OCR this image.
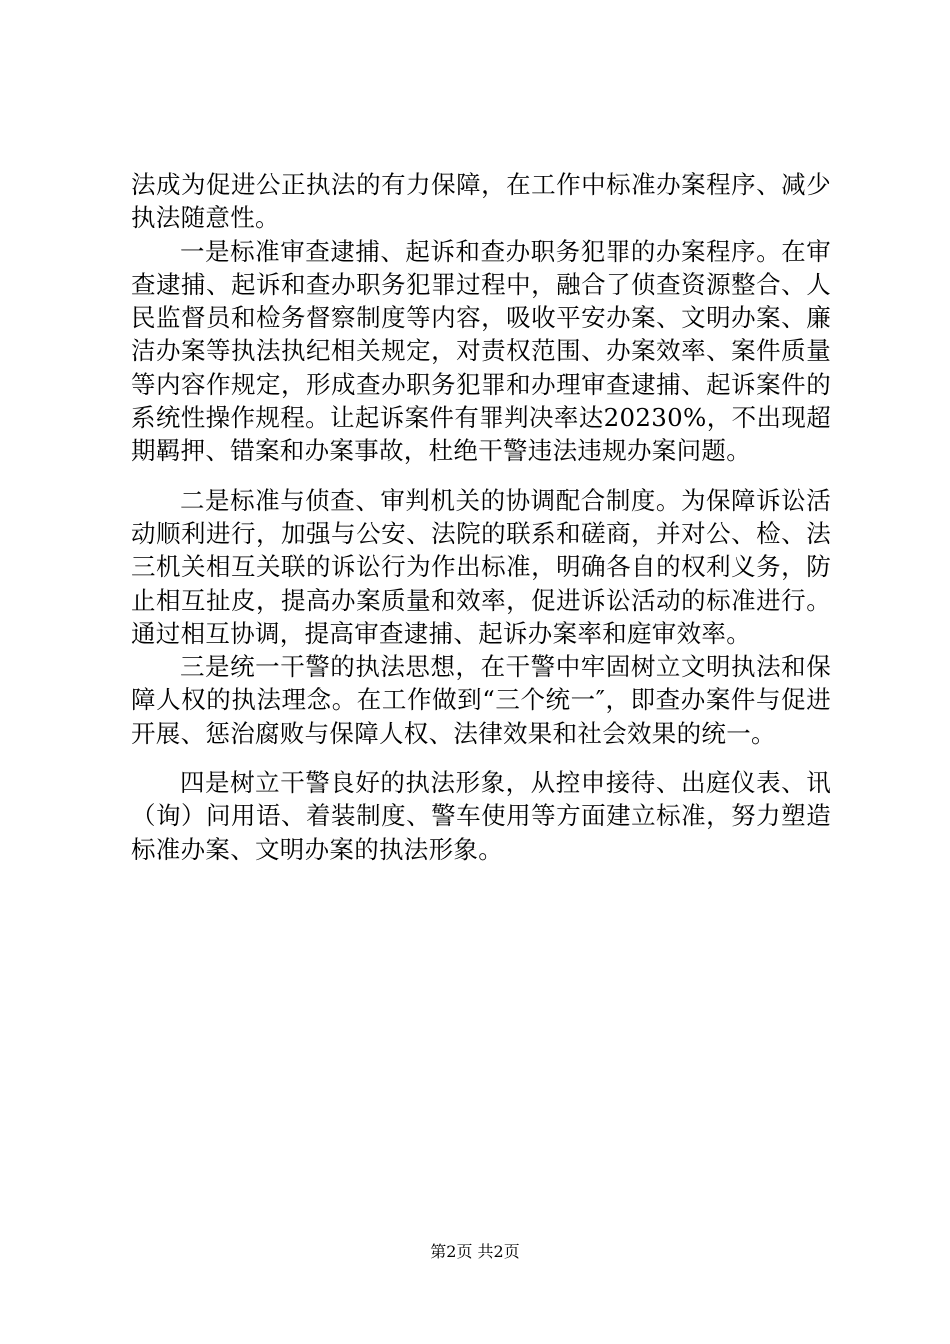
法成为促进公正执法的有力保障，在工作中标准办案程序、减少执法随意性。

一是标准审查逮捕、起诉和查办职务犯罪的办案程序。在审查逮捕、起诉和查办职务犯罪过程中，融合了侦查资源整合、人民监督员和检务督察制度等内容，吸收平安办案、文明办案、廉洁办案等执法执纪相关规定，对责权范围、办案效率、案件质量等内容作规定，形成查办职务犯罪和办理审查逮捕、起诉案件的系统性操作规程。让起诉案件有罪判决率达20230%，不出现超期羁押、错案和办案事故，杜绝干警违法违规办案问题。

二是标准与侦查、审判机关的协调配合制度。为保障诉讼活动顺利进行，加强与公安、法院的联系和磋商，并对公、检、法三机关相互关联的诉讼行为作出标准，明确各自的权利义务，防止相互扯皮，提高办案质量和效率，促进诉讼活动的标准进行。通过相互协调，提高审查逮捕、起诉办案率和庭审效率。

三是统一干警的执法思想，在干警中牢固树立文明执法和保障人权的执法理念。在工作做到“三个统一″，即查办案件与促进开展、惩治腐败与保障人权、法律效果和社会效果的统一。

四是树立干警良好的执法形象，从控申接待、出庭仪表、讯（询）问用语、着装制度、警车使用等方面建立标准，努力塑造标准办案、文明办案的执法形象。

第2页 共2页
